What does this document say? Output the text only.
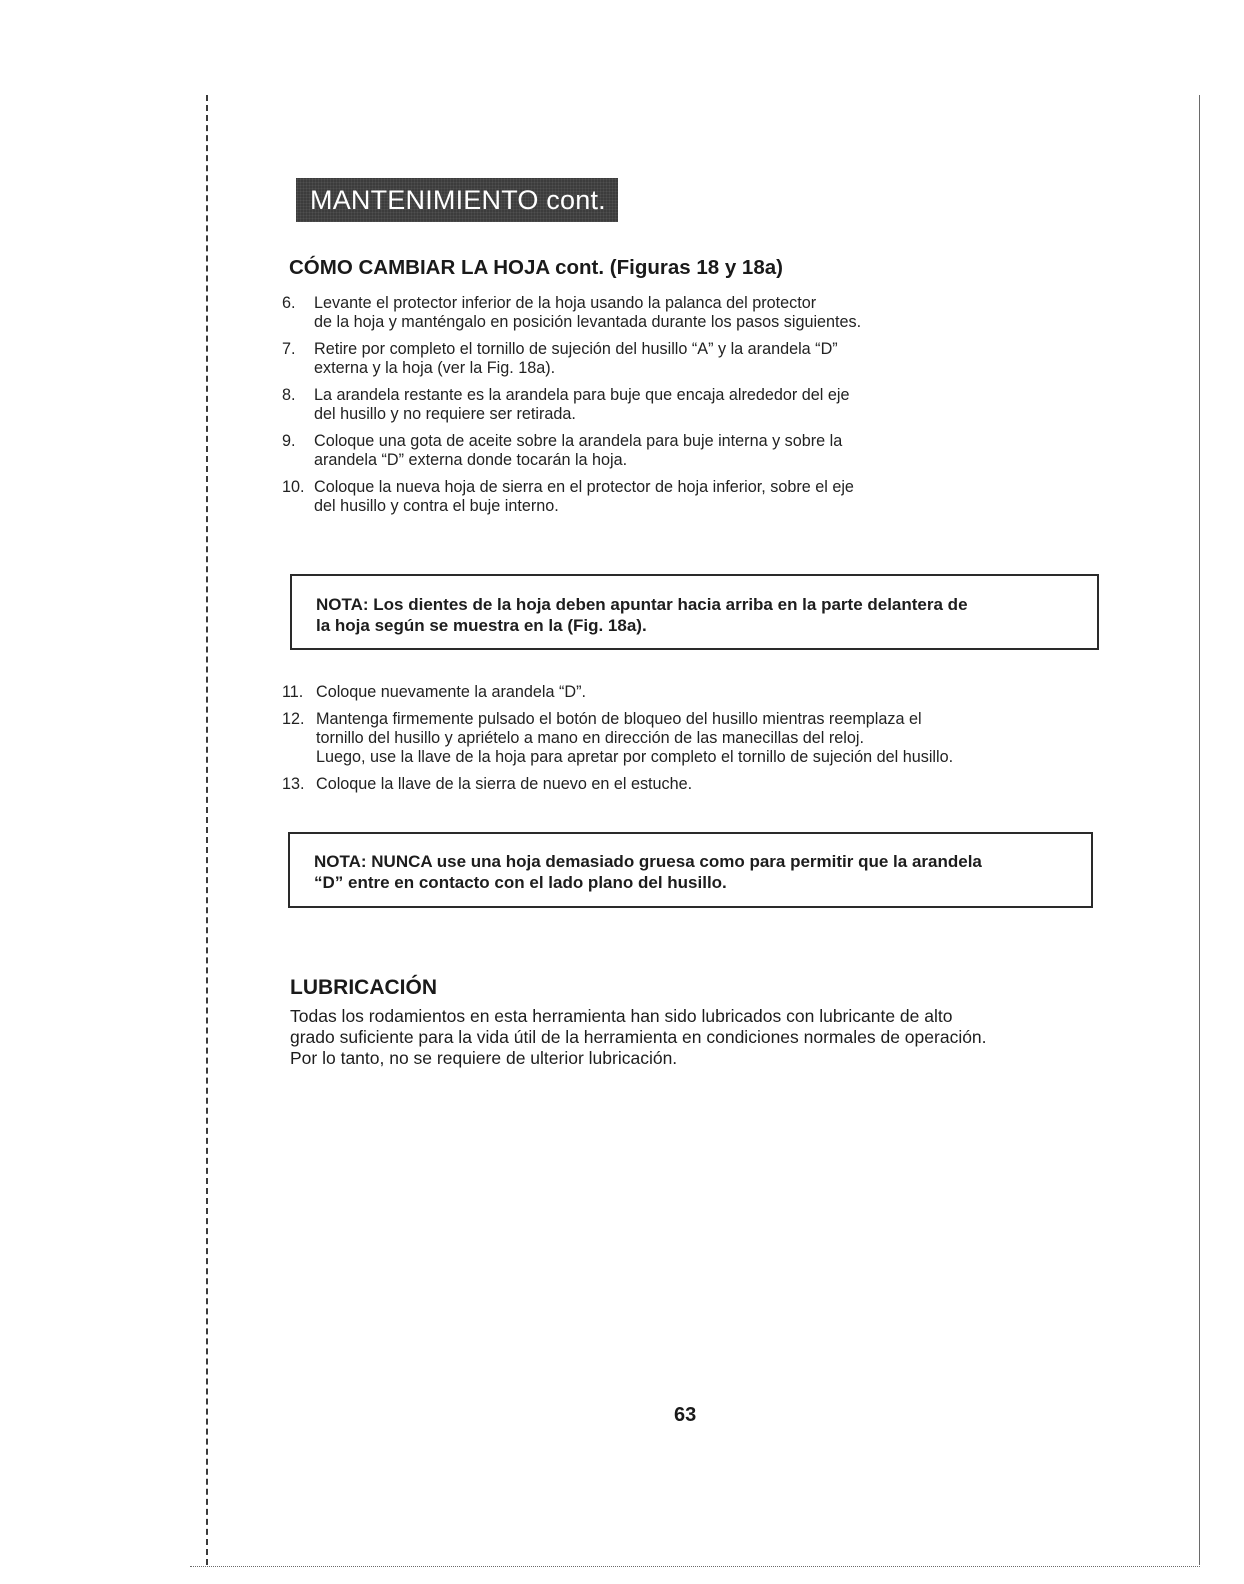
MANTENIMIENTO cont.
CÓMO CAMBIAR LA HOJA cont. (Figuras 18 y 18a)
6. Levante el protector inferior de la hoja usando la palanca del protector
de la hoja y manténgalo en posición levantada durante los pasos siguientes.
7. Retire por completo el tornillo de sujeción del husillo “A” y la arandela “D”
externa y la hoja (ver la Fig. 18a).
8. La arandela restante es la arandela para buje que encaja alrededor del eje
del husillo y no requiere ser retirada.
9. Coloque una gota de aceite sobre la arandela para buje interna y sobre la
arandela “D” externa donde tocarán la hoja.
10. Coloque la nueva hoja de sierra en el protector de hoja inferior, sobre el eje
del husillo y contra el buje interno.
NOTA: Los dientes de la hoja deben apuntar hacia arriba en la parte delantera de
la hoja según se muestra en la (Fig. 18a).
11. Coloque nuevamente la arandela “D”.
12. Mantenga firmemente pulsado el botón de bloqueo del husillo mientras reemplaza el
tornillo del husillo y apriételo a mano en dirección de las manecillas del reloj.
Luego, use la llave de la hoja para apretar por completo el tornillo de sujeción del husillo.
13. Coloque la llave de la sierra de nuevo en el estuche.
NOTA: NUNCA use una hoja demasiado gruesa como para permitir que la arandela
“D” entre en contacto con el lado plano del husillo.
LUBRICACIÓN
Todas los rodamientos en esta herramienta han sido lubricados con lubricante de alto
grado suficiente para la vida útil de la herramienta en condiciones normales de operación.
Por lo tanto, no se requiere de ulterior lubricación.
63
